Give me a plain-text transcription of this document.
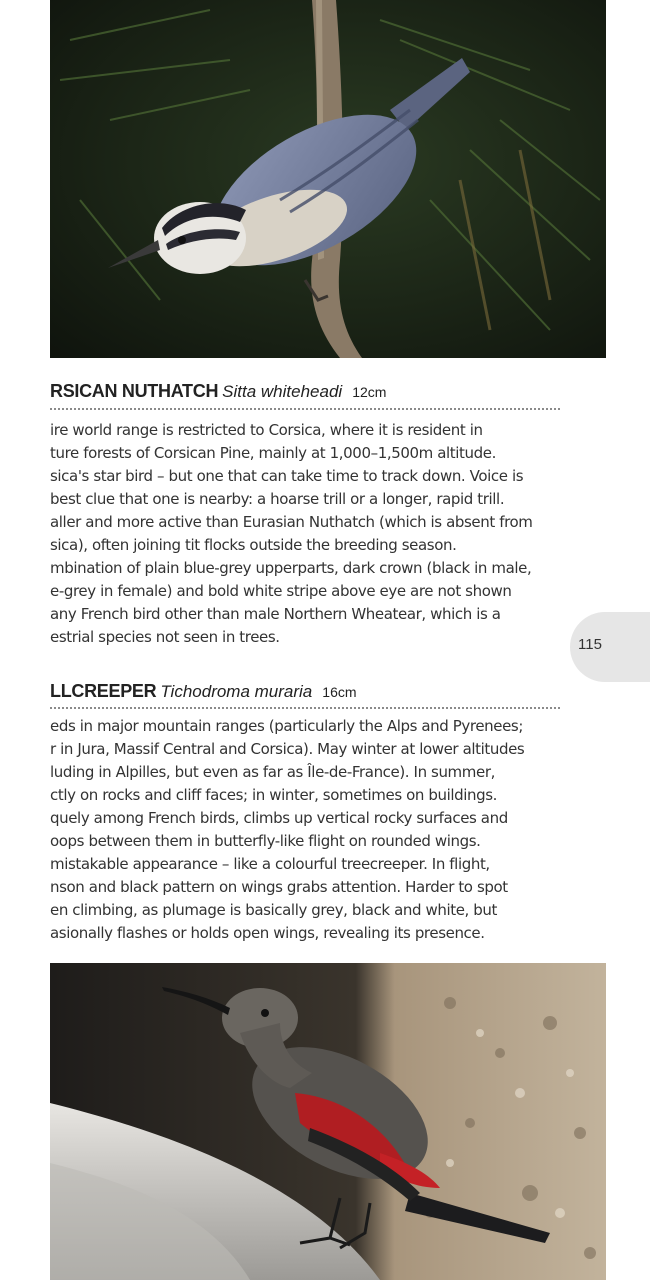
RSICAN NUTHATCH Sitta whiteheadi 12cm
ire world range is restricted to Corsica, where it is resident in
ture forests of Corsican Pine, mainly at 1,000–1,500m altitude.
sica's star bird – but one that can take time to track down. Voice is
best clue that one is nearby: a hoarse trill or a longer, rapid trill.
aller and more active than Eurasian Nuthatch (which is absent from
sica), often joining tit flocks outside the breeding season.
mbination of plain blue-grey upperparts, dark crown (black in male,
e-grey in female) and bold white stripe above eye are not shown
any French bird other than male Northern Wheatear, which is a
estrial species not seen in trees.	115
LLCREEPER Tichodroma muraria 16cm
eds in major mountain ranges (particularly the Alps and Pyrenees;
r in Jura, Massif Central and Corsica). May winter at lower altitudes
luding in Alpilles, but even as far as Île-de-France). In summer,
ctly on rocks and cliff faces; in winter, sometimes on buildings.
quely among French birds, climbs up vertical rocky surfaces and
oops between them in butterfly-like flight on rounded wings.
mistakable appearance – like a colourful treecreeper. In flight,
nson and black pattern on wings grabs attention. Harder to spot
en climbing, as plumage is basically grey, black and white, but
asionally flashes or holds open wings, revealing its presence.
